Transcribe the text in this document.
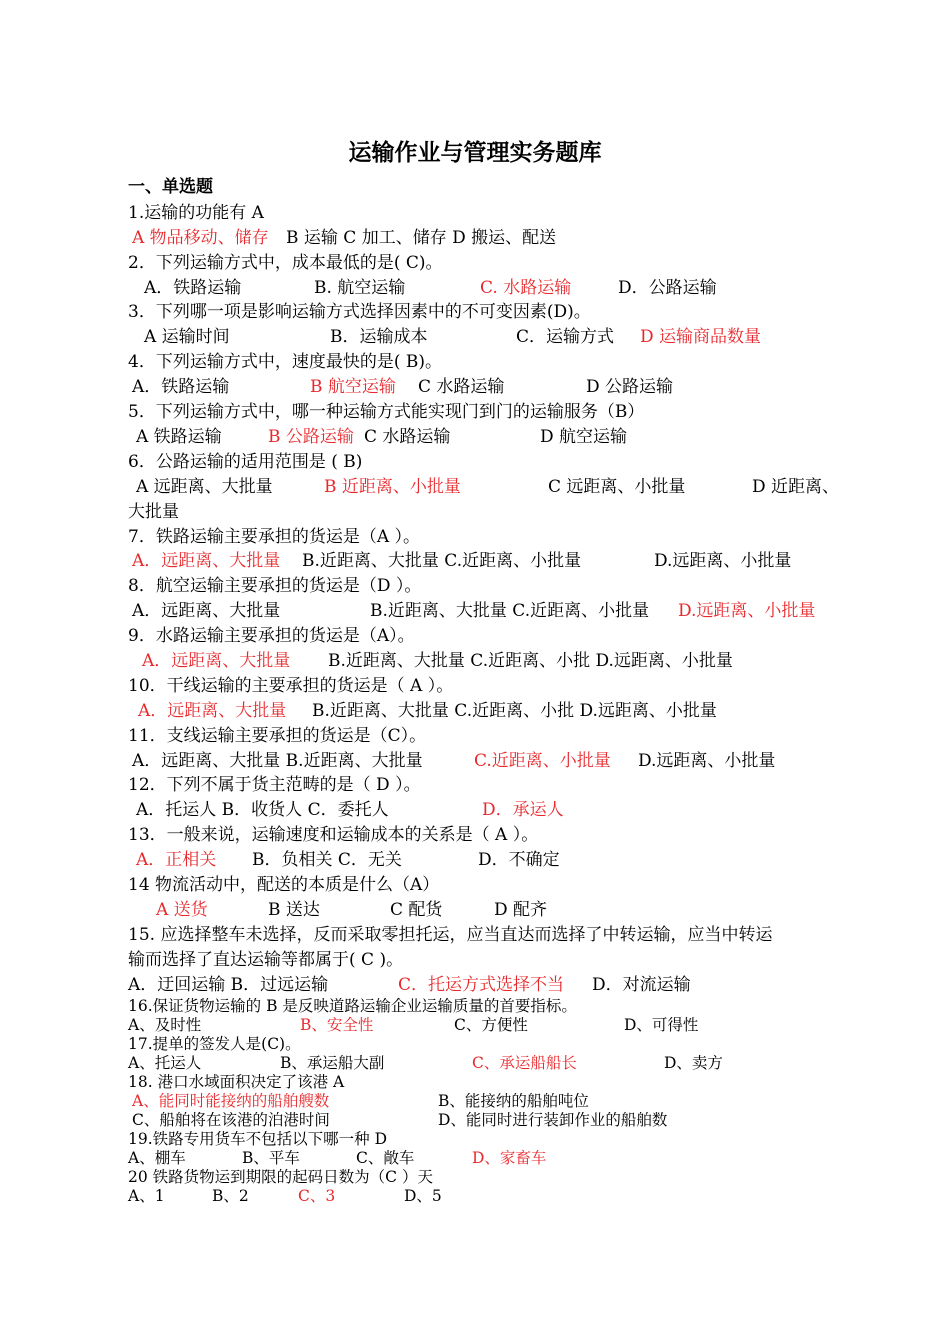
运输作业与管理实务题库
一、单选题
1.运输的功能有 A
A 物品移动、储存 B 运输 C 加工、储存 D 搬运、配送
2．下列运输方式中，成本最低的是( C)。
A．铁路运输	B. 航空运输	C. 水路运输	D．公路运输
3．下列哪一项是影响运输方式选择因素中的不可变因素(D)。
A 运输时间	B．运输成本	C．运输方式 D 运输商品数量
4．下列运输方式中，速度最快的是( B)。
A．铁路运输	B 航空运输 C 水路运输	D 公路运输
5．下列运输方式中，哪一种运输方式能实现门到门的运输服务（B）
A 铁路运输	B 公路运输 C 水路运输	D 航空运输
6．公路运输的适用范围是 ( B)
A 远距离、大批量	B 近距离、小批量	C 远距离、小批量	D 近距离、
大批量
7．铁路运输主要承担的货运是（A ）。
A．远距离、大批量 B.近距离、大批量 C.近距离、小批量	D.远距离、小批量
8．航空运输主要承担的货运是（D ）。
A．远距离、大批量	B.近距离、大批量 C.近距离、小批量 D.远距离、小批量
9．水路运输主要承担的货运是（A）。
A．远距离、大批量 B.近距离、大批量 C.近距离、小批 D.远距离、小批量
10．干线运输的主要承担的货运是（ A ）。
A．远距离、大批量 B.近距离、大批量 C.近距离、小批 D.远距离、小批量
11．支线运输主要承担的货运是（C）。
A．远距离、大批量 B.近距离、大批量	C.近距离、小批量 D.远距离、小批量
12．下列不属于货主范畴的是（ D ）。
A．托运人 B．收货人 C．委托人	D．承运人
13．一般来说，运输速度和运输成本的关系是（ A ）。
A．正相关 B．负相关 C．无关	D．不确定
14 物流活动中，配送的本质是什么（A）
A 送货	B 送达	C 配货	D 配齐
15. 应选择整车未选择，反而采取零担托运，应当直达而选择了中转运输，应当中转运
输而选择了直达运输等都属于( C )。
A．迂回运输 B．过远运输	C．托运方式选择不当 D．对流运输
16.保证货物运输的 B 是反映道路运输企业运输质量的首要指标。
A、及时性	B、安全性	C、方便性	D、可得性
17.提单的签发人是(C)。
A、托运人	B、承运船大副	C、承运船船长	D、卖方
18. 港口水域面积决定了该港 A
A、能同时能接纳的船舶艘数	B、能接纳的船舶吨位
C、船舶将在该港的泊港时间	D、能同时进行装卸作业的船舶数
19.铁路专用货车不包括以下哪一种 D
A、棚车	B、平车	C、敞车	D、家畜车
20 铁路货物运到期限的起码日数为（C ）天
A、1	B、2	C、3	D、5
